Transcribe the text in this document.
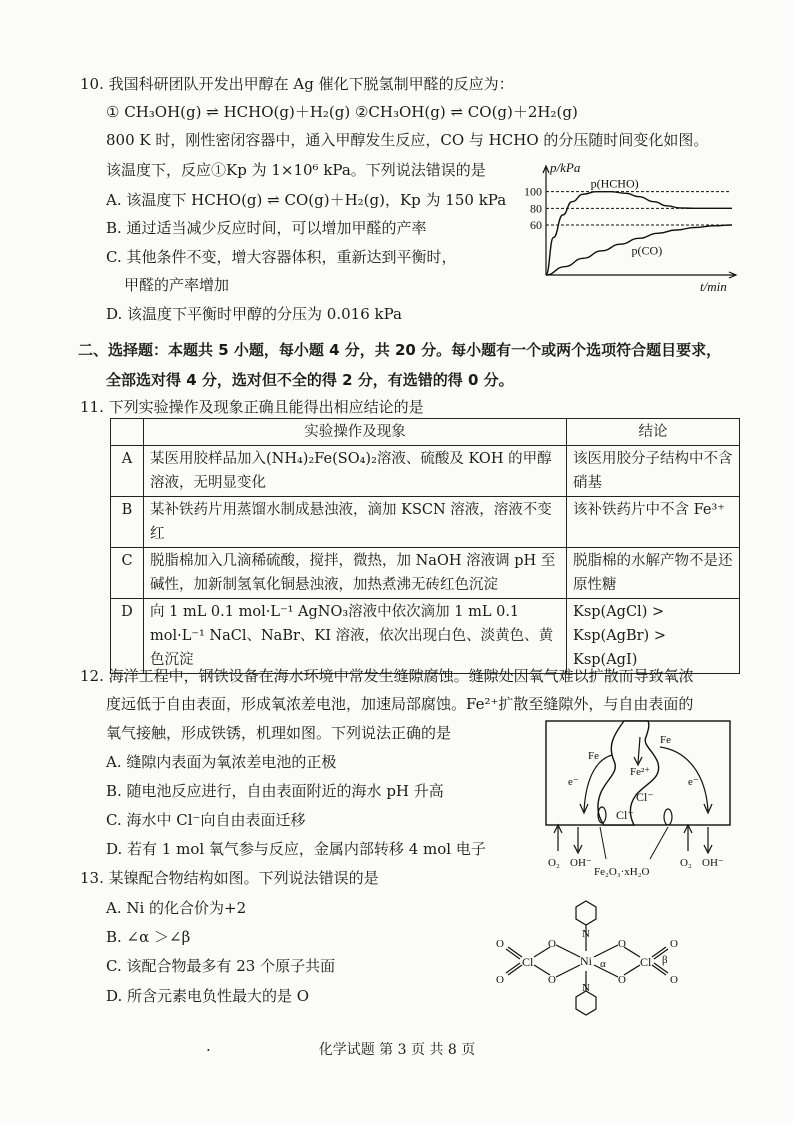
10. 我国科研团队开发出甲醇在 Ag 催化下脱氢制甲醛的反应为：
① CH₃OH(g) ⇌ HCHO(g)＋H₂(g) ②CH₃OH(g) ⇌ CO(g)＋2H₂(g)
800 K 时，刚性密闭容器中，通入甲醇发生反应，CO 与 HCHO 的分压随时间变化如图。
该温度下，反应①Kp 为 1×10⁶ kPa。下列说法错误的是
A. 该温度下 HCHO(g) ⇌ CO(g)＋H₂(g)，Kp 为 150 kPa
B. 通过适当减少反应时间，可以增加甲醛的产率
C. 其他条件不变，增大容器体积，重新达到平衡时，
甲醛的产率增加
D. 该温度下平衡时甲醇的分压为 0.016 kPa
100
80
60
p(HCHO)
p(CO)
p/kPa
t/min
二、选择题：本题共 5 小题，每小题 4 分，共 20 分。每小题有一个或两个选项符合题目要求，
全部选对得 4 分，选对但不全的得 2 分，有选错的得 0 分。
11. 下列实验操作及现象正确且能得出相应结论的是
	实验操作及现象	结论
A	某医用胶样品加入(NH₄)₂Fe(SO₄)₂溶液、硫酸及 KOH 的甲醇溶液，无明显变化	该医用胶分子结构中不含硝基
B	某补铁药片用蒸馏水制成悬浊液，滴加 KSCN 溶液，溶液不变红	该补铁药片中不含 Fe³⁺
C	脱脂棉加入几滴稀硫酸，搅拌，微热，加 NaOH 溶液调 pH 至碱性，加新制氢氧化铜悬浊液，加热煮沸无砖红色沉淀	脱脂棉的水解产物不是还原性糖
D	向 1 mL 0.1 mol·L⁻¹ AgNO₃溶液中依次滴加 1 mL 0.1 mol·L⁻¹ NaCl、NaBr、KI 溶液，依次出现白色、淡黄色、黄色沉淀	Ksp(AgCl) > Ksp(AgBr) > Ksp(AgI)
12. 海洋工程中，钢铁设备在海水环境中常发生缝隙腐蚀。缝隙处因氧气难以扩散而导致氧浓
度远低于自由表面，形成氧浓差电池，加速局部腐蚀。Fe²⁺扩散至缝隙外，与自由表面的
氧气接触，形成铁锈，机理如图。下列说法正确的是
A. 缝隙内表面为氧浓差电池的正极
B. 随电池反应进行，自由表面附近的海水 pH 升高
C. 海水中 Cl⁻向自由表面迁移
D. 若有 1 mol 氧气参与反应，金属内部转移 4 mol 电子
Fe
Fe
Fe²⁺
e⁻	e⁻
Cl⁻
Cl⁻
O₂ OH⁻	O₂ OH⁻
Fe₂O₃·xH₂O
13. 某镍配合物结构如图。下列说法错误的是
A. Ni 的化合价为+2
B. ∠α ＞∠β
C. 该配合物最多有 23 个原子共面
D. 所含元素电负性最大的是 O
Ni
Cl	Cl
O
O
O
O
O
O
O
O
N
N
α	β
.	化学试题 第 3 页 共 8 页
